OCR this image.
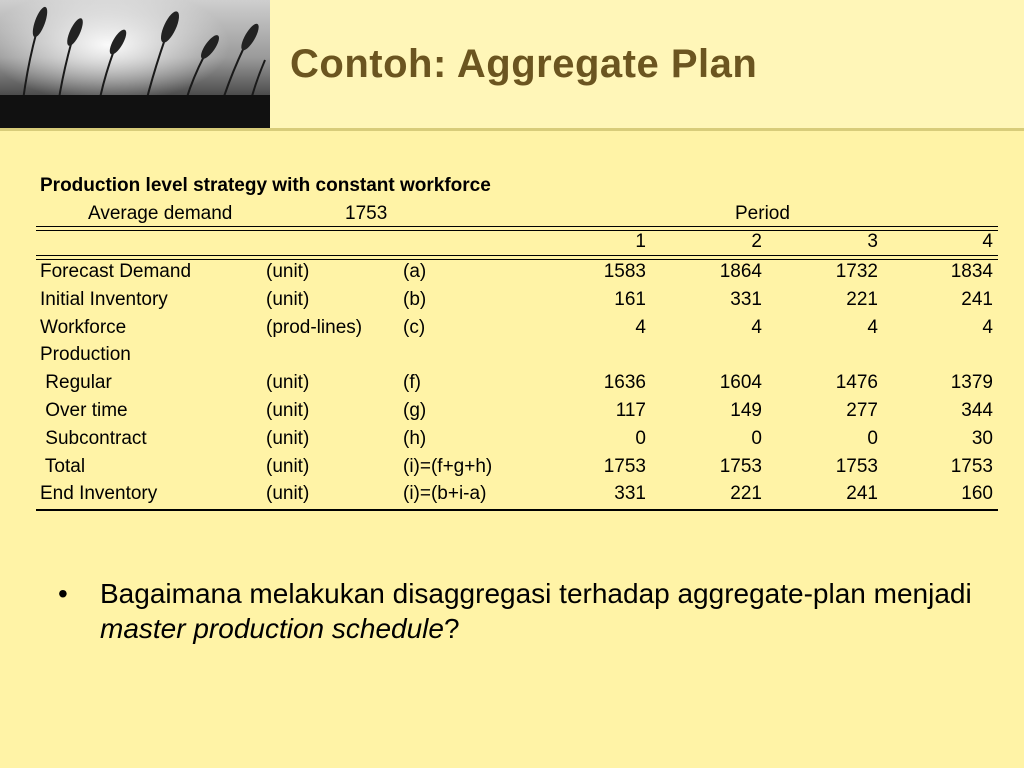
Contoh: Aggregate Plan
Production level strategy with constant workforce
Average demand	1753	Period
1	2	3	4
Forecast Demand	(unit)	(a)	1583	1864	1732	1834
Initial Inventory	(unit)	(b)	161	331	221	241
Workforce	(prod-lines) (c)	4	4	4	4
Production
Regular	(unit)	(f)	1636	1604	1476	1379
Over time	(unit)	(g)	117	149	277	344
Subcontract	(unit)	(h)	0	0	0	30
Total	(unit)	(i)=(f+g+h)	1753	1753	1753	1753
End Inventory	(unit)	(i)=(b+i-a)	331	221	241	160
• Bagaimana melakukan disaggregasi terhadap aggregate-plan menjadi master production schedule?
